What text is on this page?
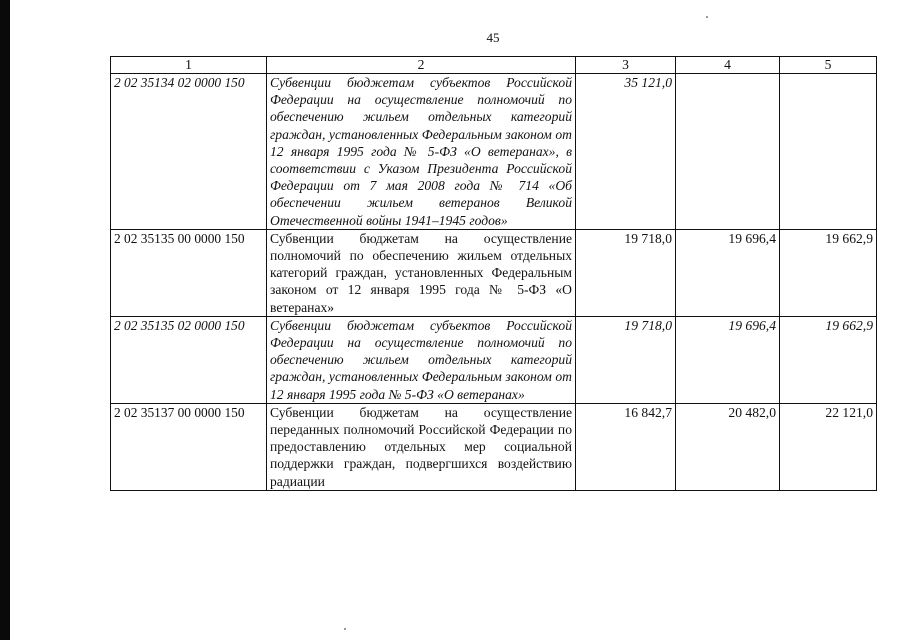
45
1	2	3	4	5
2 02 35134 02 0000 150	Субвенции бюджетам субъектов Российской Федерации на осуществление полномочий по обеспечению жильем отдельных категорий граждан, установленных Федеральным законом от 12 января 1995 года № 5-ФЗ «О ветеранах», в соответствии с Указом Президента Российской Федерации от 7 мая 2008 года № 714 «Об обеспечении жильем ветеранов Великой Отечественной войны 1941–1945 годов»	35 121,0		
2 02 35135 00 0000 150	Субвенции бюджетам на осуществление полномочий по обеспечению жильем отдельных категорий граждан, установленных Федеральным законом от 12 января 1995 года № 5-ФЗ «О ветеранах»	19 718,0	19 696,4	19 662,9
2 02 35135 02 0000 150	Субвенции бюджетам субъектов Российской Федерации на осуществление полномочий по обеспечению жильем отдельных категорий граждан, установленных Федеральным законом от 12 января 1995 года № 5-ФЗ «О ветеранах»	19 718,0	19 696,4	19 662,9
2 02 35137 00 0000 150	Субвенции бюджетам на осуществление переданных полномочий Российской Федерации по предоставлению отдельных мер социальной поддержки граждан, подвергшихся воздействию радиации	16 842,7	20 482,0	22 121,0
